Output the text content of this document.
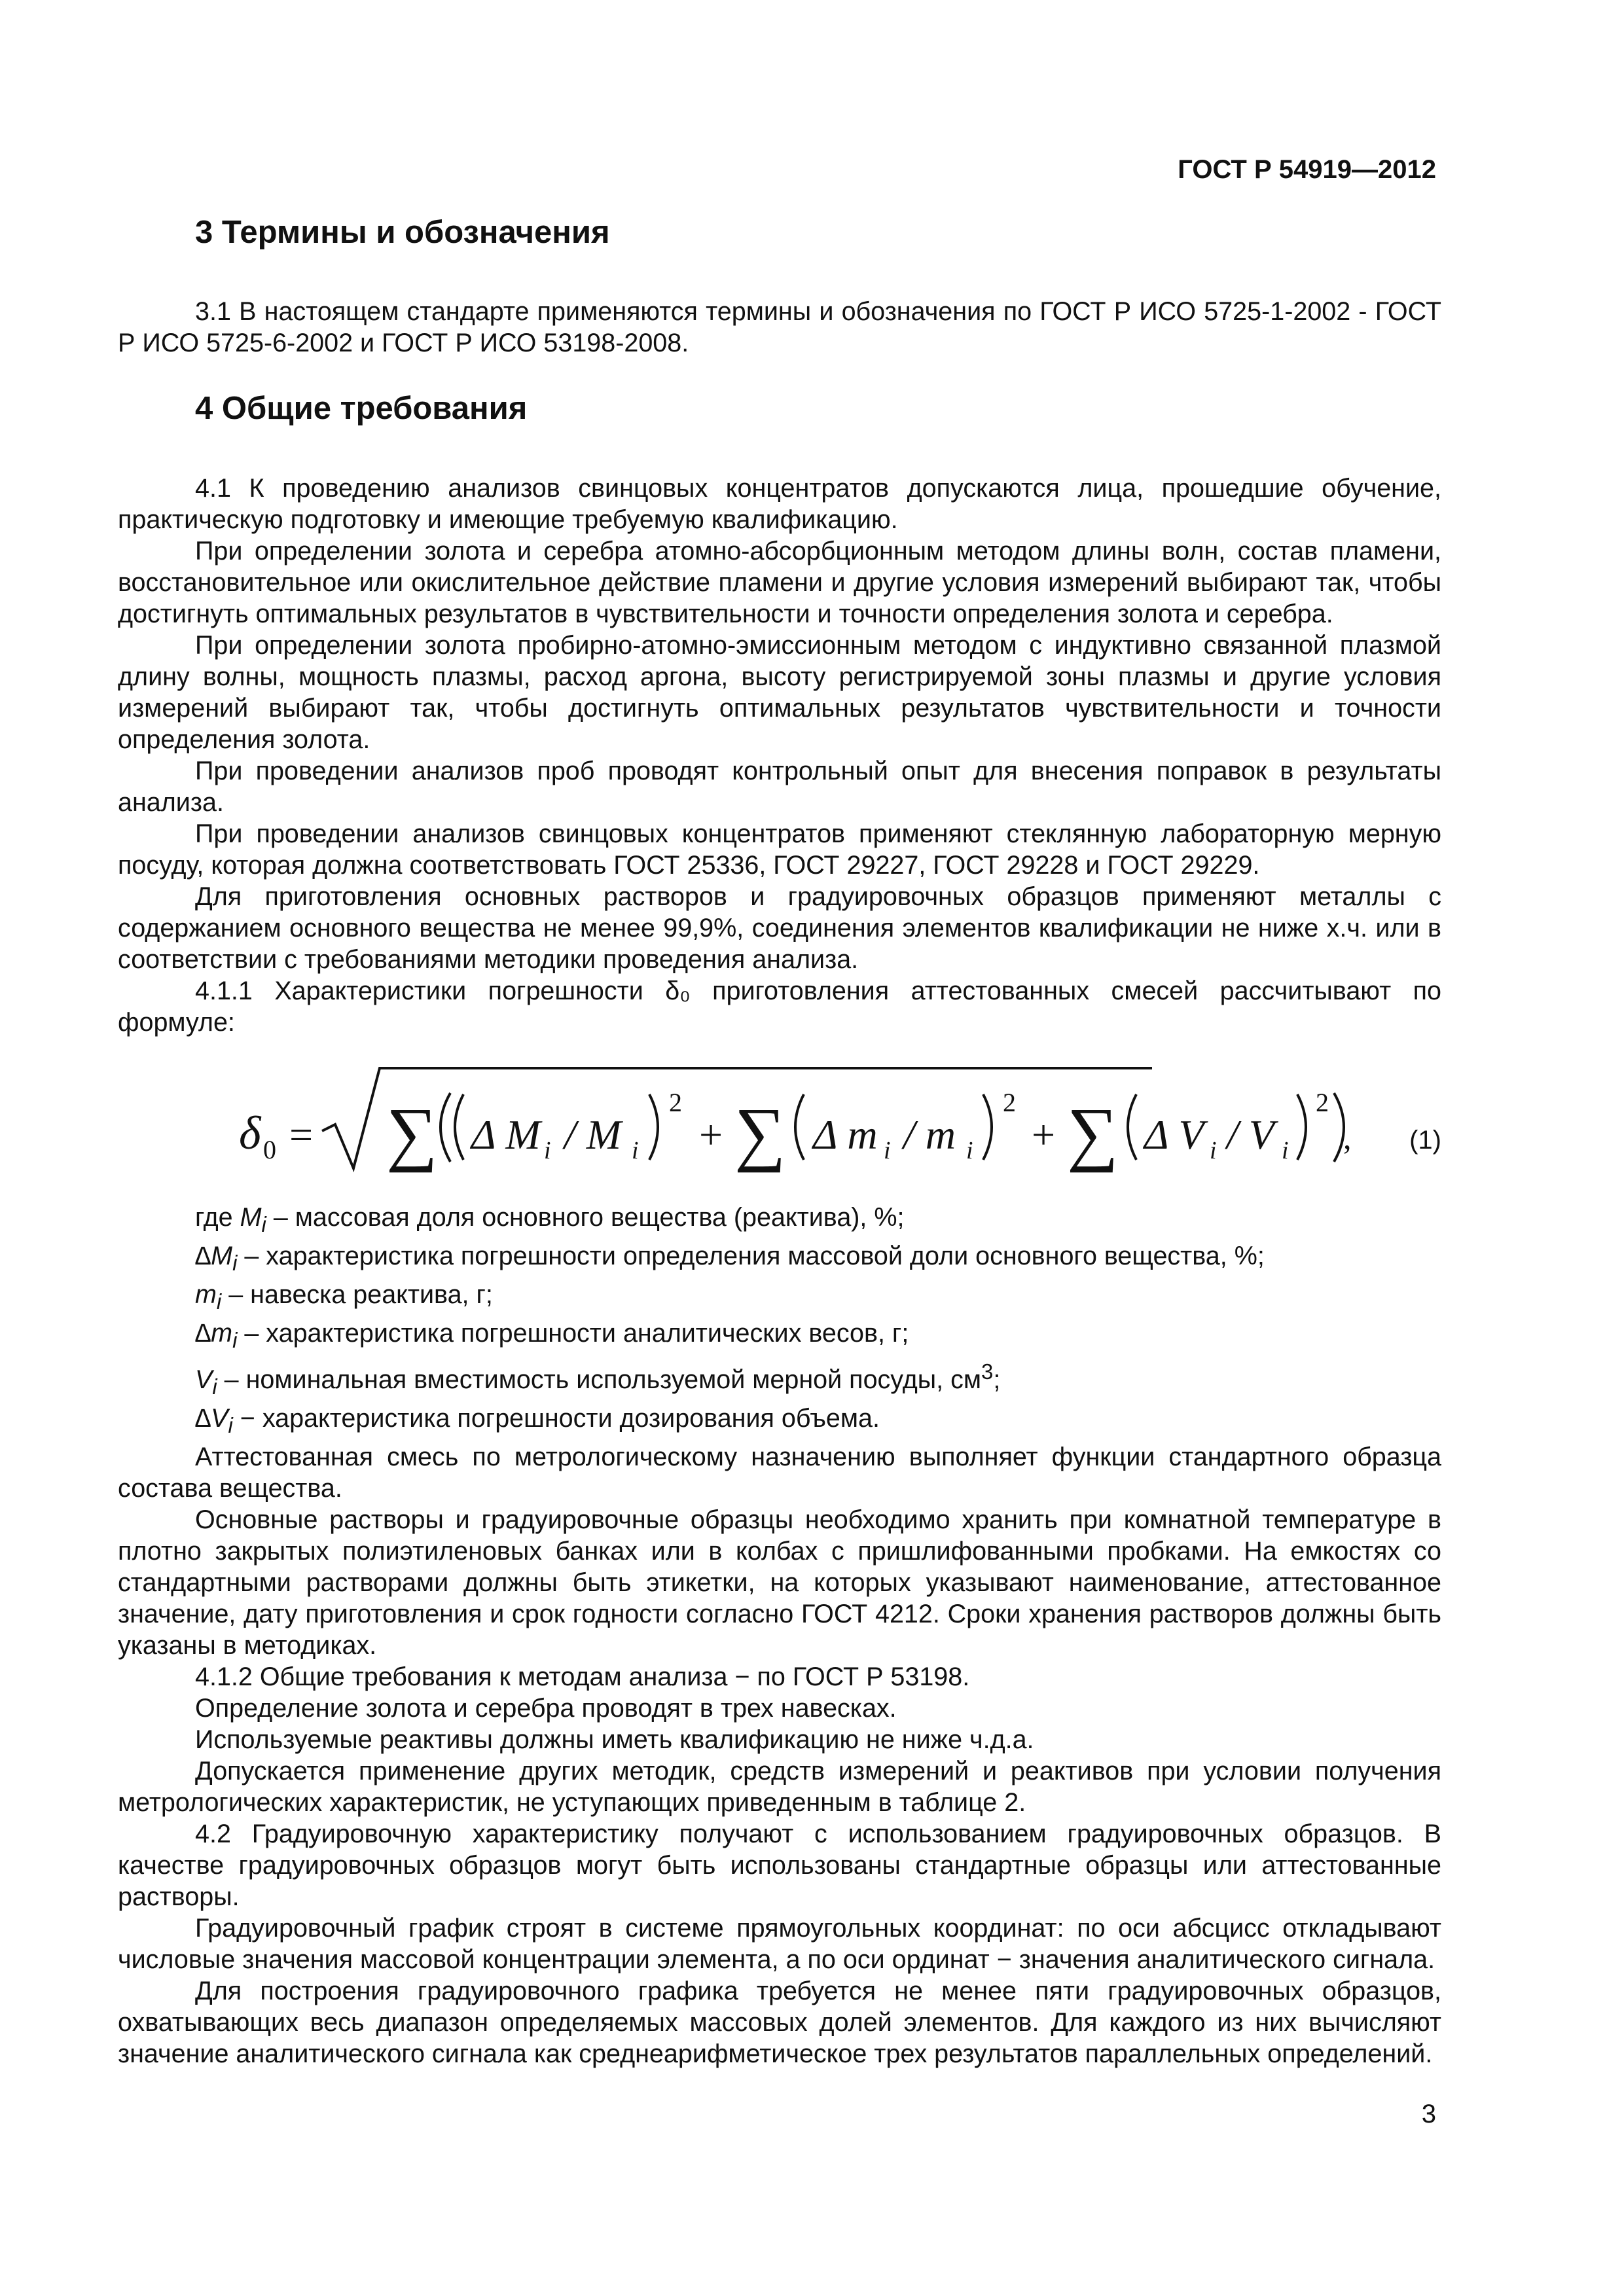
ГОСТ Р 54919—2012
3 Термины и обозначения

3.1 В настоящем стандарте применяются термины и обозначения по ГОСТ Р ИСО 5725-1-2002 - ГОСТ Р ИСО 5725-6-2002 и ГОСТ Р ИСО 53198-2008.

4 Общие требования

4.1 К проведению анализов свинцовых концентратов допускаются лица, прошедшие обучение, практическую подготовку и имеющие требуемую квалификацию.

При определении золота и серебра атомно-абсорбционным методом длины волн, состав пламени, восстановительное или окислительное действие пламени и другие условия измерений выбирают так, чтобы достигнуть оптимальных результатов в чувствительности и точности определения золота и серебра.

При определении золота пробирно-атомно-эмиссионным методом с индуктивно связанной плазмой длину волны, мощность плазмы, расход аргона, высоту регистрируемой зоны плазмы и другие условия измерений выбирают так, чтобы достигнуть оптимальных результатов чувствительности и точности определения золота.

При проведении анализов проб проводят контрольный опыт для внесения поправок в результаты анализа.

При проведении анализов свинцовых концентратов применяют стеклянную лабораторную мерную посуду, которая должна соответствовать ГОСТ 25336, ГОСТ 29227, ГОСТ 29228 и ГОСТ 29229.

Для приготовления основных растворов и градуировочных образцов применяют металлы с содержанием основного вещества не менее 99,9%, соединения элементов квалификации не ниже х.ч. или в соответствии с требованиями методики проведения анализа.

4.1.1 Характеристики погрешности δ₀ приготовления аттестованных смесей рассчитывают по формуле:

δ 0 = ∑ Δ M i / M i
2
+ ∑ Δ m i / m i
2
+ ∑ Δ V i / V i
2
, (1)
где $M_i$ – массовая доля основного вещества (реактива), %;
$\Delta M_i$ – характеристика погрешности определения массовой доли основного вещества, %;
$m_i$ – навеска реактива, г;
$\Delta m_i$ – характеристика погрешности аналитических весов, г;
$V_i$ – номинальная вместимость используемой мерной посуды, $см^3$;
$\Delta V_i$ − характеристика погрешности дозирования объема.

Аттестованная смесь по метрологическому назначению выполняет функции стандартного образца состава вещества.

Основные растворы и градуировочные образцы необходимо хранить при комнатной температуре в плотно закрытых полиэтиленовых банках или в колбах с пришлифованными пробками. На емкостях со стандартными растворами должны быть этикетки, на которых указывают наименование, аттестованное значение, дату приготовления и срок годности согласно ГОСТ 4212. Сроки хранения растворов должны быть указаны в методиках.

4.1.2 Общие требования к методам анализа − по ГОСТ Р 53198.

Определение золота и серебра проводят в трех навесках.

Используемые реактивы должны иметь квалификацию не ниже ч.д.а.

Допускается применение других методик, средств измерений и реактивов при условии получения метрологических характеристик, не уступающих приведенным в таблице 2.

4.2 Градуировочную характеристику получают с использованием градуировочных образцов. В качестве градуировочных образцов могут быть использованы стандартные образцы или аттестованные растворы.

Градуировочный график строят в системе прямоугольных координат: по оси абсцисс откладывают числовые значения массовой концентрации элемента, а по оси ординат − значения аналитического сигнала.

Для построения градуировочного графика требуется не менее пяти градуировочных образцов, охватывающих весь диапазон определяемых массовых долей элементов. Для каждого из них вычисляют значение аналитического сигнала как среднеарифметическое трех результатов параллельных определений.

3
